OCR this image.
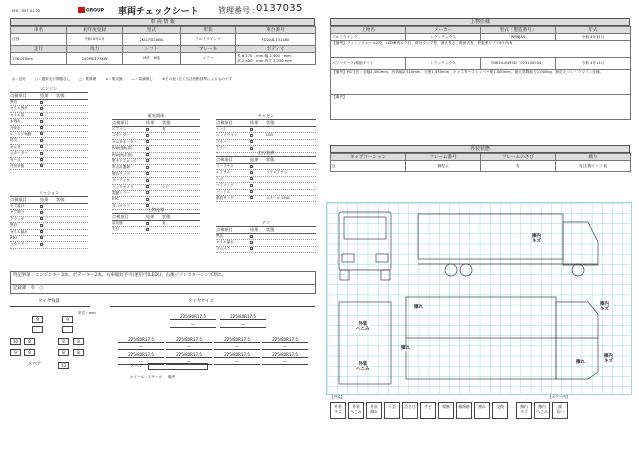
EHI : R07.01.22	GROUP 車両チェックシート 管理番号 : 0137035
車 両 情 報
車名	初年度登録	型式	形状	車台番号
日野	令和 5年1月	2KG-FD2ABG	アルミウイング	FD2AB-131480
走行	馬力	シフト	ブレーキ	ボディ寸
138,015km	240PS/177KW	M/T　6速	エアー	長 6,270　mm 幅 2,400　mm
高 2,420　mm 内寸 2,330 mm
◎ : 良好	○ : 通常走行問題なし	△ : 要修理	× : 要交換	― : 装備無し	※その他 :全て当社判断基準によるものです
上物仕様
上物名	メーカー	型式「製造番号」	年式
アルミウイング	トランテックス	「WB6JAS」	令和 4年11月
【備考】ラッシングレール2段、LED庫内ロク灯、荷台ラップ型、最大長さ、数最大有、鉄板張りアイ6ケ所有			
パワーゲート/格納ゲート	トランテックス	TNK10-6495D「521100534」	令和 4年11月
【備考】PG寸法 : 全幅2,450mm、有効幅2,310mm、全奥1,555mm、キャスターストッパー奥1,400mm、最大昇降能力1,000kg、無灯モコン・ラジコン仕様。			
【備考】			
外装状態
キャブコーション	フレーム番号	フレームのさび	腐り
良	錆提示	有	有(右側リーフ 他
エンジン
点検項目	結果	状態
異音
オイル洩れ
オイル量
水洩れ
冷却水
エンジン始動
排気
オルタ
スターター
ターボ
冷房状態
ミッション
点検項目	結果	状態
ギア抜け
ギア鳴り
クラッチ
異音
オイル漏れ
PTO
リターダー
電装関係
点検項目	結果	状態
エアコン	有
スターター
オルタネーター
P/W(運転席)
P/W(助手席)
集中ドアロック
集合計器類
警告ランプ
オーディオ
バックカメラ	ナビ
電動ミラー
ETC
タコグラフ
上物仕様
点検項目	結果	状態
床状態	有
天井
キャビン
点検項目	結果	状態
シート
ヘッドライト	LED
ワイパー
ミラー
走行装備
点検項目	結果	状態
リーフサス
エアサス	リヤエアサス
ハブ
ベアリング
ハンドル
燃料タンク	スチール 200L
デフ
点検項目	結果	状態
異音
オイル漏れ
プロペラ
特記事項　 エンジンキー3本、ボデーキー2本、右車幅灯不可(運用可(LED))、右後ジフレクターレンズ割れ。
記録簿　 有　○
タイヤ残量
単位 : mm
9	9
10	8	8	8
9	9	8	8
スペア	13
タイヤサイズ
225/80R17.5	225/80R17.5
―	―
225/80R17.5	225/80R17.5	225/80R17.5	225/80R17.5
―	―	―	―
225/80R17.5	225/80R17.5	225/80R17.5	225/80R17.5
―	―	―	―
スペア
ホイール : スチール 備考
擦内
キズ
擦内
キズ
擦れ
外装
へこみ
擦れ
擦内
キズ
擦れ
外装
へこみ
【外装】	【ボデー内】
外装
キズ
外装
へこみ
外装
擦れ
う歪	点さび	サビ	腐蝕	補修跡	割れ	交換	擦内
キズ
擦内
へこみ
錆
臭い
